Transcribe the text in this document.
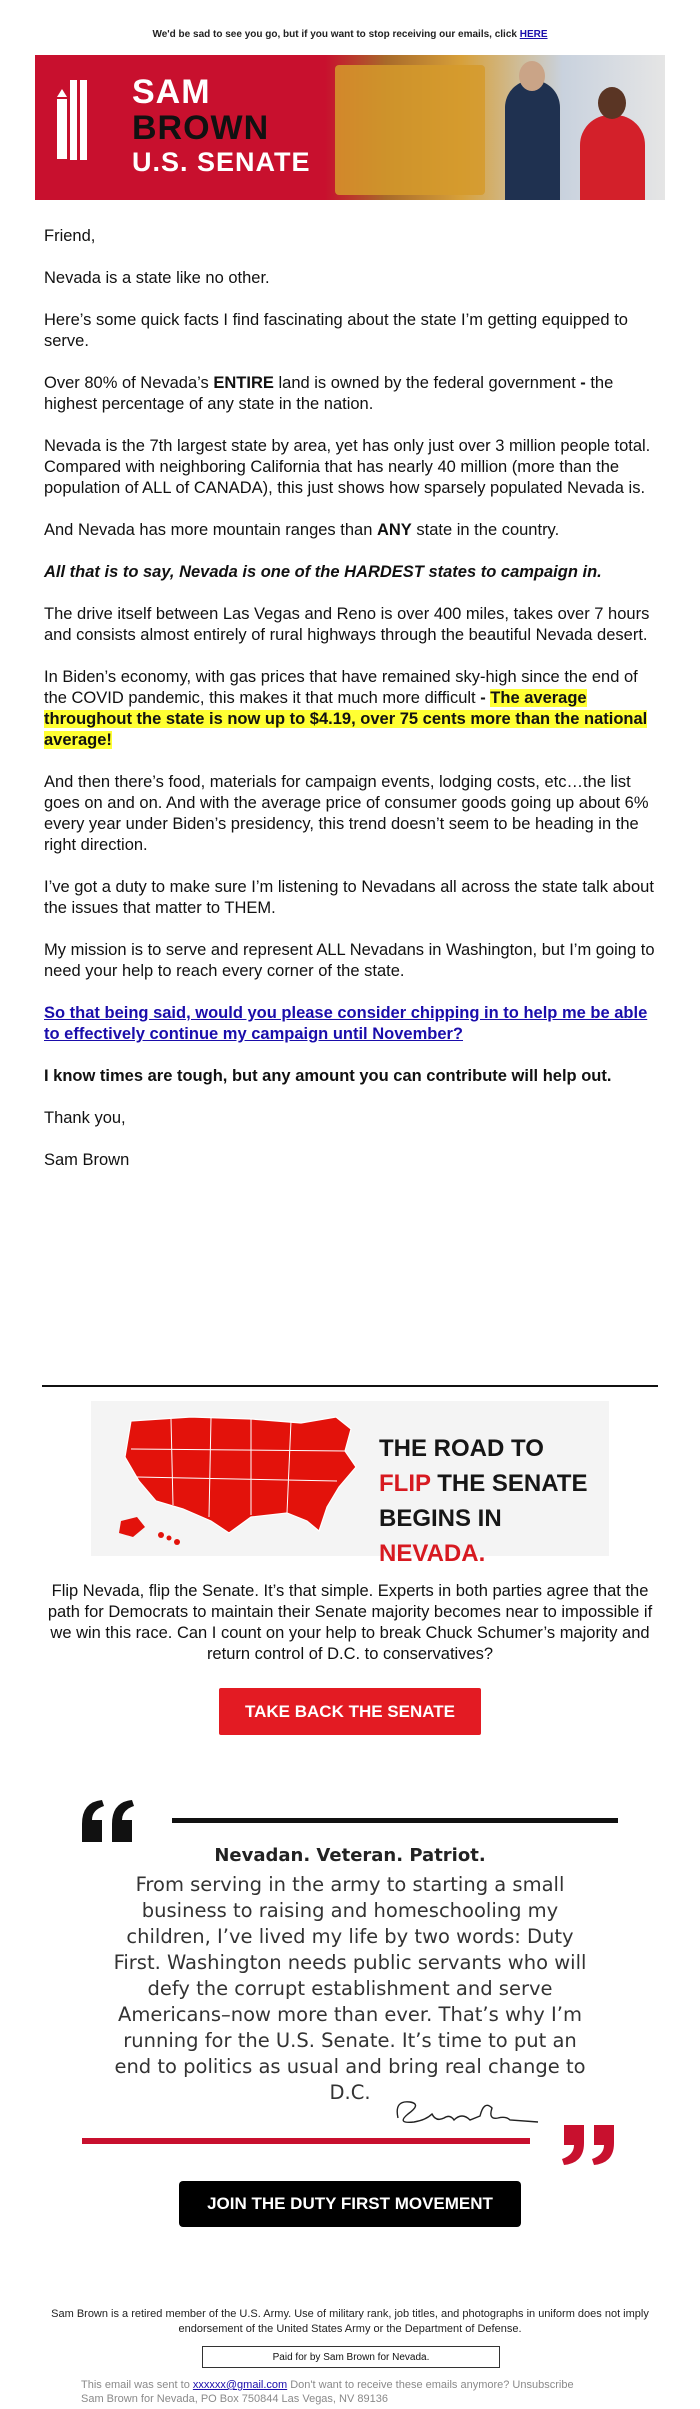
We'd be sad to see you go, but if you want to stop receiving our emails, click HERE
SAM
BROWN
U.S. SENATE

Friend,

Nevada is a state like no other.

Here’s some quick facts I find fascinating about the state I’m getting equipped to serve.

Over 80% of Nevada’s ENTIRE land is owned by the federal government - the highest percentage of any state in the nation.

Nevada is the 7th largest state by area, yet has only just over 3 million people total. Compared with neighboring California that has nearly 40 million (more than the population of ALL of CANADA), this just shows how sparsely populated Nevada is.

And Nevada has more mountain ranges than ANY state in the country.

All that is to say, Nevada is one of the HARDEST states to campaign in.

The drive itself between Las Vegas and Reno is over 400 miles, takes over 7 hours and consists almost entirely of rural highways through the beautiful Nevada desert.

In Biden’s economy, with gas prices that have remained sky-high since the end of the COVID pandemic, this makes it that much more difficult - The average throughout the state is now up to $4.19, over 75 cents more than the national average!

And then there’s food, materials for campaign events, lodging costs, etc…the list goes on and on. And with the average price of consumer goods going up about 6% every year under Biden’s presidency, this trend doesn’t seem to be heading in the right direction.

I’ve got a duty to make sure I’m listening to Nevadans all across the state talk about the issues that matter to THEM.

My mission is to serve and represent ALL Nevadans in Washington, but I’m going to need your help to reach every corner of the state.

So that being said, would you please consider chipping in to help me be able to effectively continue my campaign until November?

I know times are tough, but any amount you can contribute will help out.

Thank you,

Sam Brown

THE ROAD TO
FLIP THE SENATE
BEGINS IN NEVADA.
Flip Nevada, flip the Senate. It’s that simple. Experts in both parties agree that the path for Democrats to maintain their Senate majority becomes near to impossible if we win this race. Can I count on your help to break Chuck Schumer’s majority and return control of D.C. to conservatives?
TAKE BACK THE SENATE
Nevadan. Veteran. Patriot.
From serving in the army to starting a small business to raising and homeschooling my children, I’ve lived my life by two words: Duty First. Washington needs public servants who will defy the corrupt establishment and serve Americans–now more than ever. That’s why I’m running for the U.S. Senate. It’s time to put an end to politics as usual and bring real change to D.C.
JOIN THE DUTY FIRST MOVEMENT
Sam Brown is a retired member of the U.S. Army. Use of military rank, job titles, and photographs in uniform does not imply endorsement of the United States Army or the Department of Defense.
Paid for by Sam Brown for Nevada.
This email was sent to xxxxxx@gmail.com Don't want to receive these emails anymore? Unsubscribe
Sam Brown for Nevada, PO Box 750844 Las Vegas, NV 89136
